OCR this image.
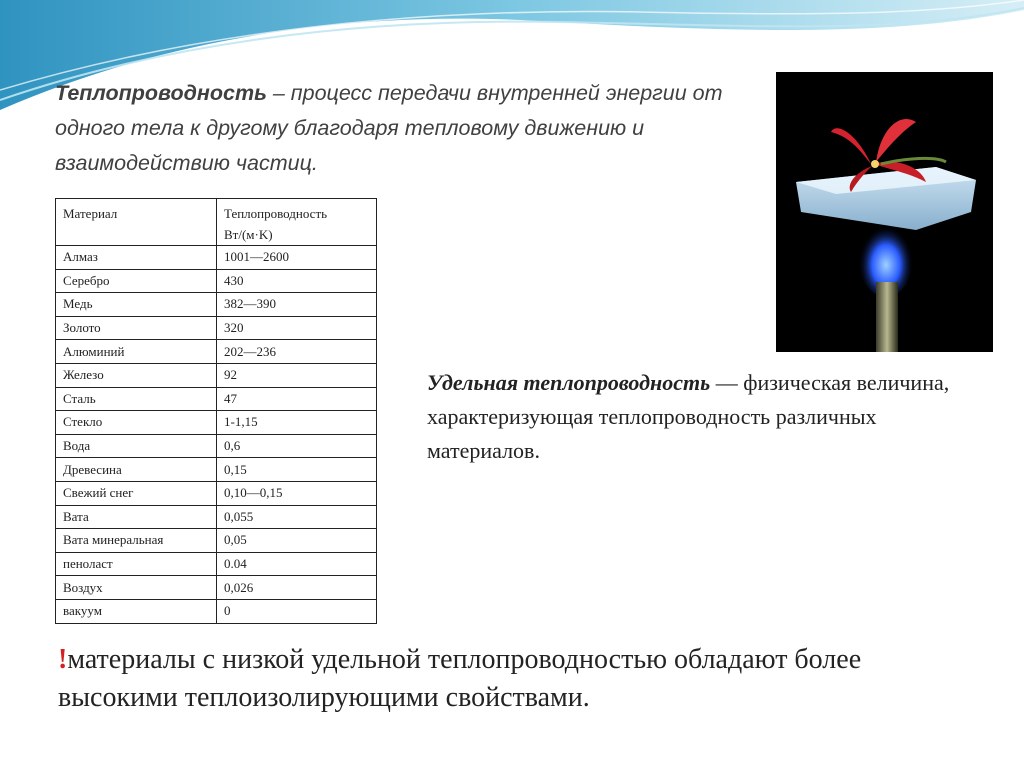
Теплопроводность – процесс передачи внутренней энергии от одного тела к другому благодаря тепловому движению и взаимодействию частиц.
Материал	Теплопроводность Вт/(м·K)
Алмаз	1001—2600
Серебро	430
Медь	382—390
Золото	320
Алюминий	202—236
Железо	92
Сталь	47
Стекло	1-1,15
Вода	0,6
Древесина	0,15
Свежий снег	0,10—0,15
Вата	0,055
Вата минеральная	0,05
пеноласт	0.04
Воздух	0,026
вакуум	0
Удельная теплопроводность — физическая величина, характеризующая теплопроводность различных материалов.
!материалы с низкой удельной теплопроводностью обладают более высокими теплоизолирующими свойствами.
